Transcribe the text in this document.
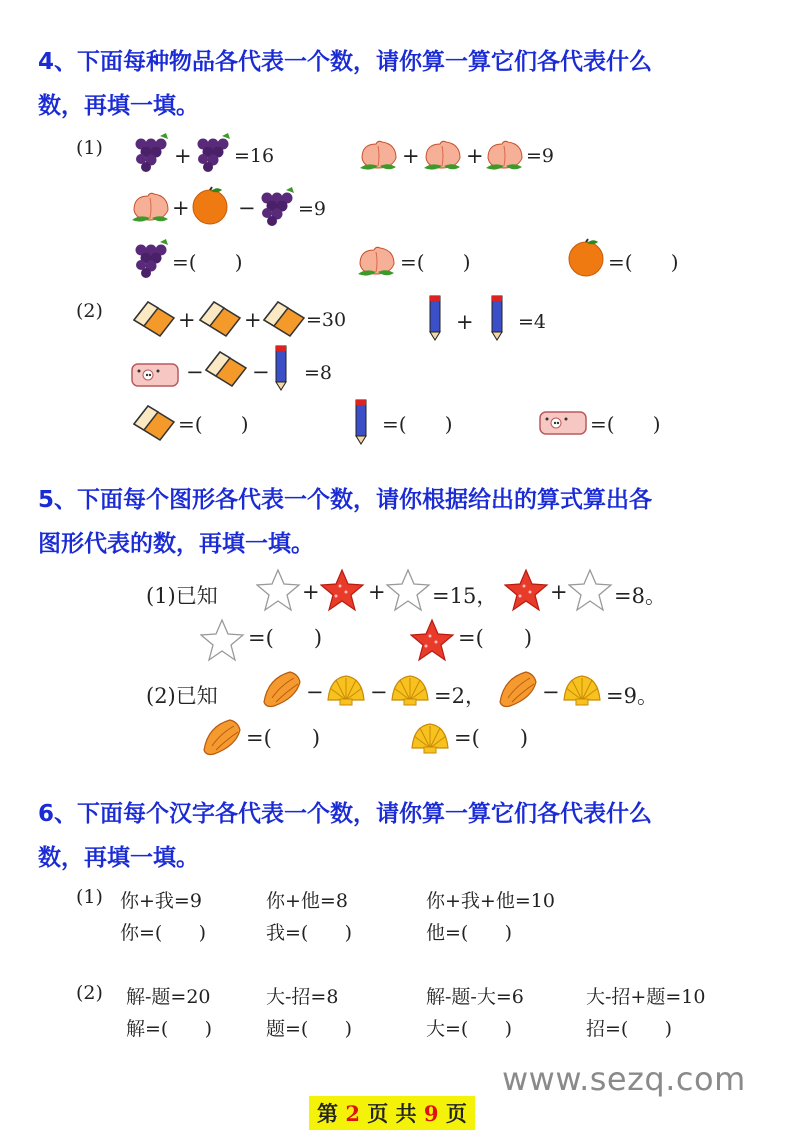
4、下面每种物品各代表一个数，请你算一算它们各代表什么
数，再填一填。
(1)	+ =16	+ + =9
+ − =9
=(      )	=(      )	=(      )
(2)	+ + =30	+ =4
− − =8
=(      )	=(      )	=(      )
5、下面每个图形各代表一个数，请你根据给出的算式算出各
图形代表的数，再填一填。
(1)已知	+ + =15，	+ =8。
=(      )	=(      )
(2)已知	− − =2，	− =9。
=(      )	=(      )
6、下面每个汉字各代表一个数，请你算一算它们各代表什么
数，再填一填。
(1) 你+我=9	你+他=8	你+我+他=10
你=(      )	我=(      )	他=(      )
(2) 解-题=20	大-招=8	解-题-大=6	大-招+题=10
解=(      )	题=(      )	大=(      )	招=(      )
www.sezq.com
第 2 页 共 9 页
